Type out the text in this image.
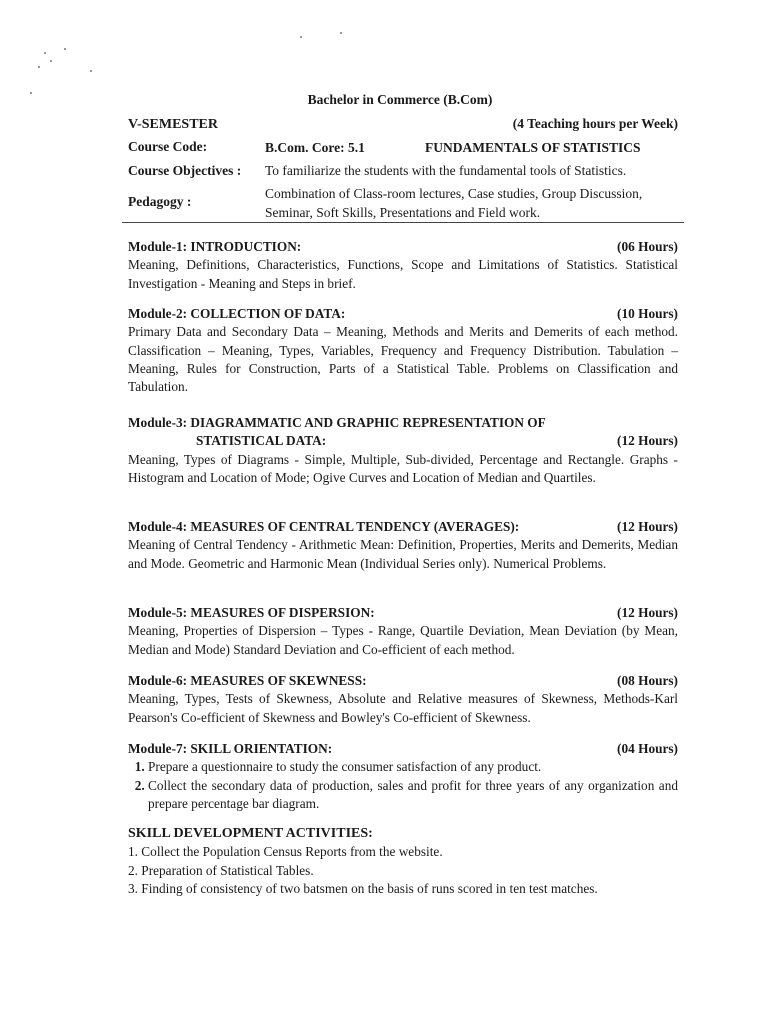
Bachelor in Commerce (B.Com)
V-SEMESTER	(4 Teaching hours per Week)
Course Code:	B.Com. Core: 5.1	FUNDAMENTALS OF STATISTICS
Course Objectives : To familiarize the students with the fundamental tools of Statistics.
Pedagogy :
Combination of Class-room lectures, Case studies, Group Discussion,
Seminar, Soft Skills, Presentations and Field work.
Module-1: INTRODUCTION:	(06 Hours)
Meaning, Definitions, Characteristics, Functions, Scope and Limitations of Statistics. Statistical Investigation - Meaning and Steps in brief.
Module-2: COLLECTION OF DATA:	(10 Hours)
Primary Data and Secondary Data – Meaning, Methods and Merits and Demerits of each method. Classification – Meaning, Types, Variables, Frequency and Frequency Distribution. Tabulation – Meaning, Rules for Construction, Parts of a Statistical Table. Problems on Classification and Tabulation.
Module-3: DIAGRAMMATIC AND GRAPHIC REPRESENTATION OF
STATISTICAL DATA:	(12 Hours)
Meaning, Types of Diagrams - Simple, Multiple, Sub-divided, Percentage and Rectangle. Graphs - Histogram and Location of Mode; Ogive Curves and Location of Median and Quartiles.
Module-4: MEASURES OF CENTRAL TENDENCY (AVERAGES):	(12 Hours)
Meaning of Central Tendency - Arithmetic Mean: Definition, Properties, Merits and Demerits, Median and Mode. Geometric and Harmonic Mean (Individual Series only). Numerical Problems.
Module-5: MEASURES OF DISPERSION:	(12 Hours)
Meaning, Properties of Dispersion – Types - Range, Quartile Deviation, Mean Deviation (by Mean, Median and Mode) Standard Deviation and Co-efficient of each method.
Module-6: MEASURES OF SKEWNESS:	(08 Hours)
Meaning, Types, Tests of Skewness, Absolute and Relative measures of Skewness, Methods-Karl Pearson's Co-efficient of Skewness and Bowley's Co-efficient of Skewness.
Module-7: SKILL ORIENTATION:	(04 Hours)
1. Prepare a questionnaire to study the consumer satisfaction of any product.
2. Collect the secondary data of production, sales and profit for three years of any organization and prepare percentage bar diagram.
SKILL DEVELOPMENT ACTIVITIES:
1. Collect the Population Census Reports from the website.
2. Preparation of Statistical Tables.
3. Finding of consistency of two batsmen on the basis of runs scored in ten test matches.
